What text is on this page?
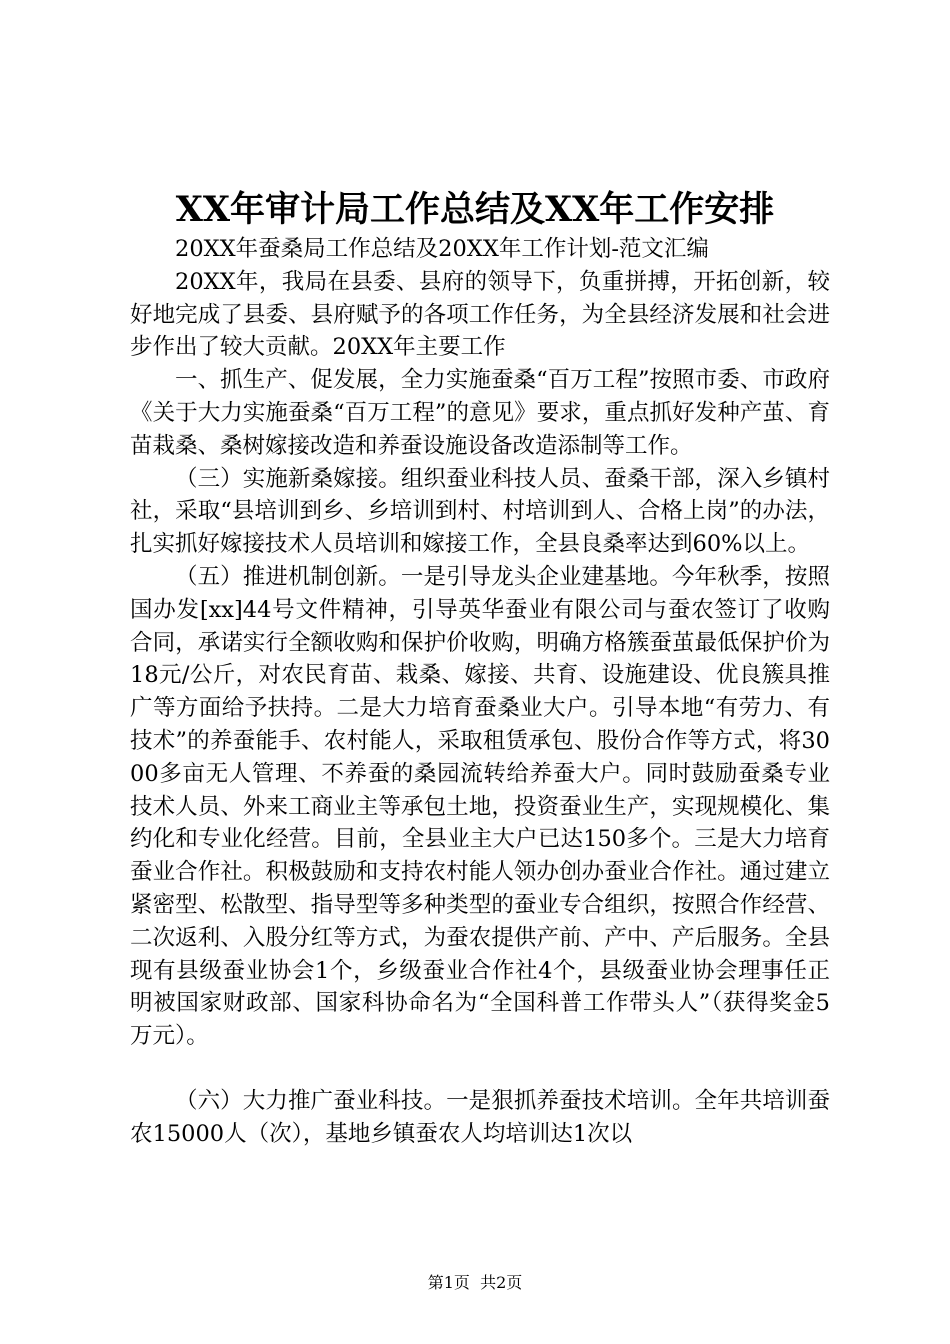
XX年审计局工作总结及XX年工作安排

20XX年蚕桑局工作总结及20XX年工作计划-范文汇编

20XX年，我局在县委、县府的领导下，负重拼搏，开拓创新，较好地完成了县委、县府赋予的各项工作任务，为全县经济发展和社会进步作出了较大贡献。20XX年主要工作

一、抓生产、促发展，全力实施蚕桑“百万工程”按照市委、市政府《关于大力实施蚕桑“百万工程”的意见》要求，重点抓好发种产茧、育苗栽桑、桑树嫁接改造和养蚕设施设备改造添制等工作。

（三）实施新桑嫁接。组织蚕业科技人员、蚕桑干部，深入乡镇村社，采取“县培训到乡、乡培训到村、村培训到人、合格上岗”的办法，扎实抓好嫁接技术人员培训和嫁接工作，全县良桑率达到60%以上。

（五）推进机制创新。一是引导龙头企业建基地。今年秋季，按照国办发[xx]44号文件精神，引导英华蚕业有限公司与蚕农签订了收购合同，承诺实行全额收购和保护价收购，明确方格簇蚕茧最低保护价为18元/公斤，对农民育苗、栽桑、嫁接、共育、设施建设、优良簇具推广等方面给予扶持。二是大力培育蚕桑业大户。引导本地“有劳力、有技术”的养蚕能手、农村能人，采取租赁承包、股份合作等方式，将3000多亩无人管理、不养蚕的桑园流转给养蚕大户。同时鼓励蚕桑专业技术人员、外来工商业主等承包土地，投资蚕业生产，实现规模化、集约化和专业化经营。目前，全县业主大户已达150多个。三是大力培育蚕业合作社。积极鼓励和支持农村能人领办创办蚕业合作社。通过建立紧密型、松散型、指导型等多种类型的蚕业专合组织，按照合作经营、二次返利、入股分红等方式，为蚕农提供产前、产中、产后服务。全县现有县级蚕业协会1个，乡级蚕业合作社4个，县级蚕业协会理事任正明被国家财政部、国家科协命名为“全国科普工作带头人”（获得奖金5万元）。

（六）大力推广蚕业科技。一是狠抓养蚕技术培训。全年共培训蚕农15000人（次），基地乡镇蚕农人均培训达1次以

第1页  共2页
